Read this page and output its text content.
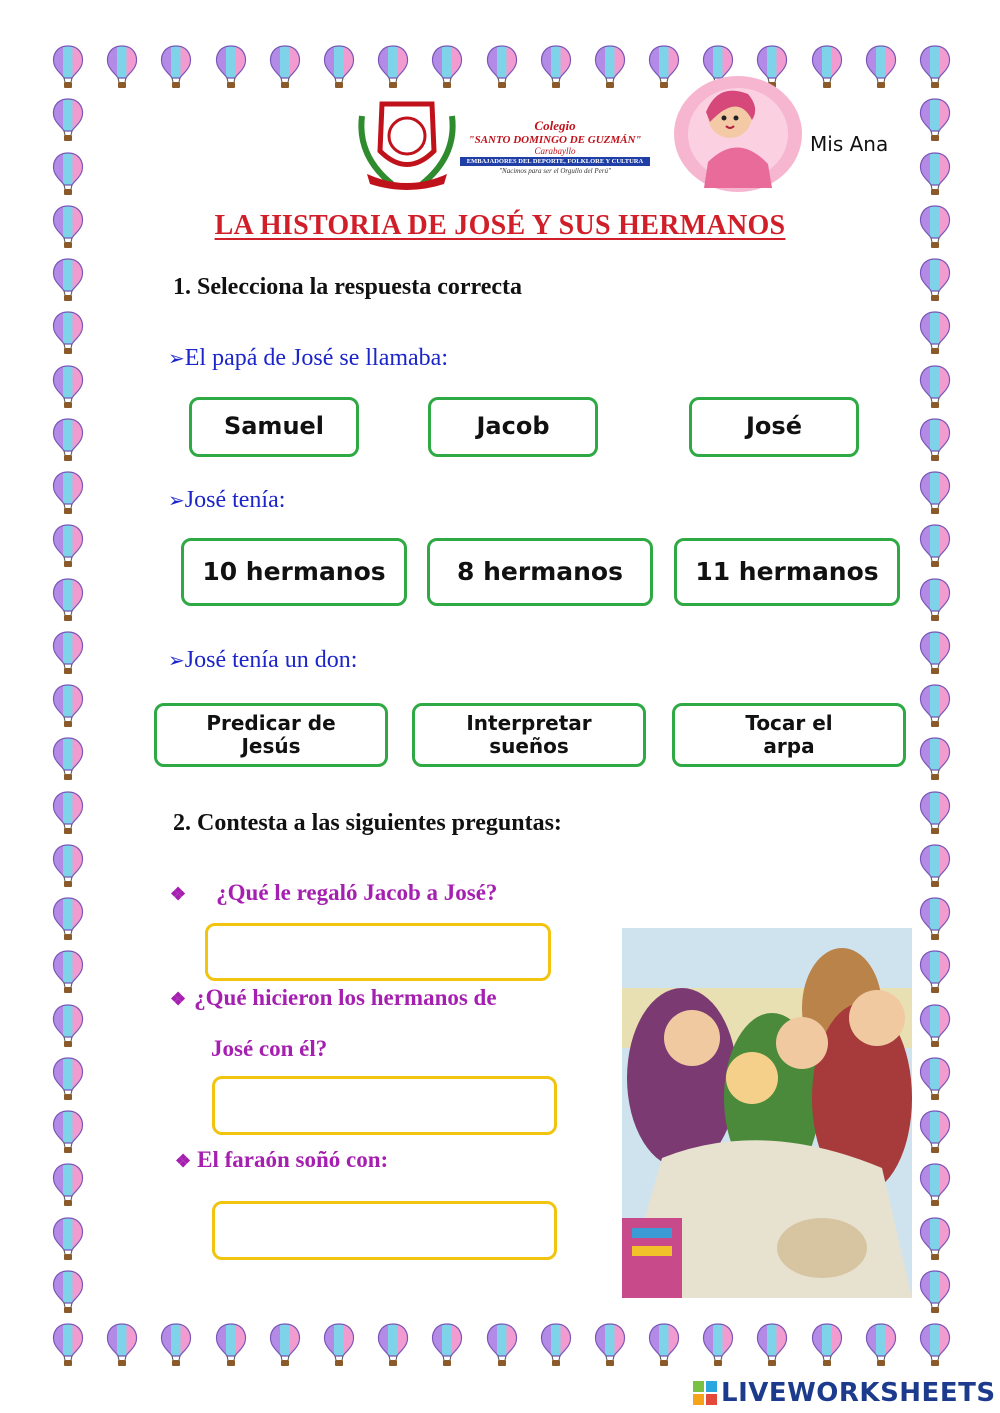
Colegio
"SANTO DOMINGO DE GUZMÁN"
Carabayllo
EMBAJADORES DEL DEPORTE, FOLKLORE Y CULTURA
"Nacimos para ser el Orgullo del Perú"
Mis Ana
LA HISTORIA DE JOSÉ Y SUS HERMANOS
1. Selecciona la respuesta correcta
➢El papá de José se llamaba:
Samuel	Jacob	José
➢José tenía:
10 hermanos	8 hermanos	11 hermanos
➢José tenía un don:
Predicar de Jesús
Interpretar sueños
Tocar el arpa
2. Contesta a las siguientes preguntas:
❖ ¿Qué le regaló Jacob a José?
❖ ¿Qué hicieron los hermanos de
José con él?
❖ El faraón soñó con:
LIVEWORKSHEETS
